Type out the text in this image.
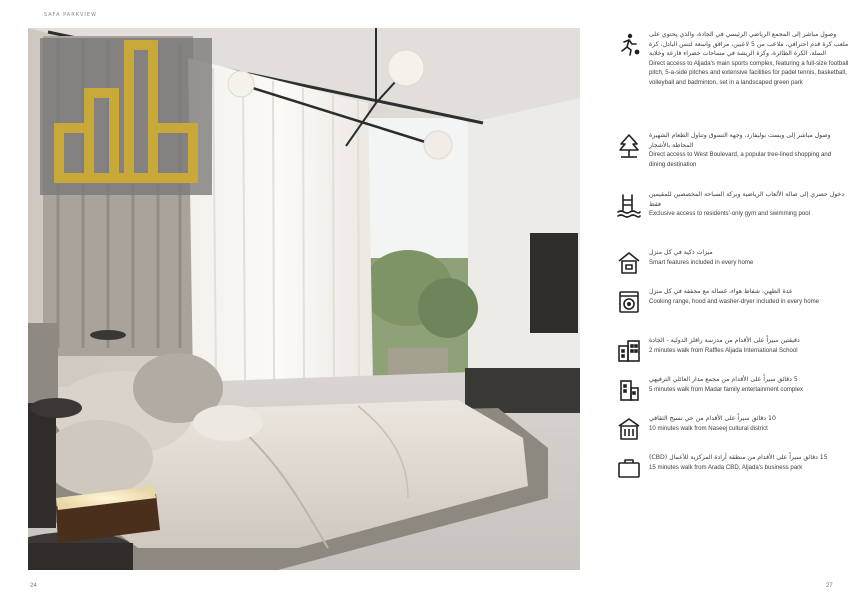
SAFA PARKVIEW

وصول مباشر إلى المجمع الرياضي الرئيسي في الجادة، والذي يحتوي على ملعب كرة قدم احترافي، ملاعب من 5 لاعبين، مرافق واسعة لتنس البادل، كرة السلة، الكرة الطائرة، وكرة الريشة في مساحات خضراء فارعة وخلابة

Direct access to Aljada's main sports complex, featuring a full-size football pitch, 5-a-side pitches and extensive facilities for padel tennis, basketball, volleyball and badminton, set in a landscaped green park

وصول مباشر إلى ويست بوليفارد، وجهة التسوق وتناول الطعام الشهيرة المحاطة بالأشجار

Direct access to West Boulevard, a popular tree-lined shopping and dining destination

دخول حصري إلى صالة الألعاب الرياضية وبركة السباحة المخصصين للمقيمين فقط

Exclusive access to residents'-only gym and swimming pool

ميزات ذكية في كل منزل

Smart features included in every home

عدة الطهي، شفاط هواء، غسالة مع مجففة في كل منزل

Cooking range, hood and washer-dryer included in every home

دقيقتين سيراً على الأقدام من مدرسة رافلز الدولية - الجادة

2 minutes walk from Raffles Aljada International School

5 دقائق سيراً على الأقدام من مجمع مدار العائلي الترفيهي

5 minutes walk from Madar family entertainment complex

10 دقائق سيراً على الأقدام من حي نسيج الثقافي

10 minutes walk from Naseej cultural district

15 دقائق سيراً على الأقدام من منطقة أرادة المركزية للأعمال (CBD)

15 minutes walk from Arada CBD, Aljada's business park

24	27
